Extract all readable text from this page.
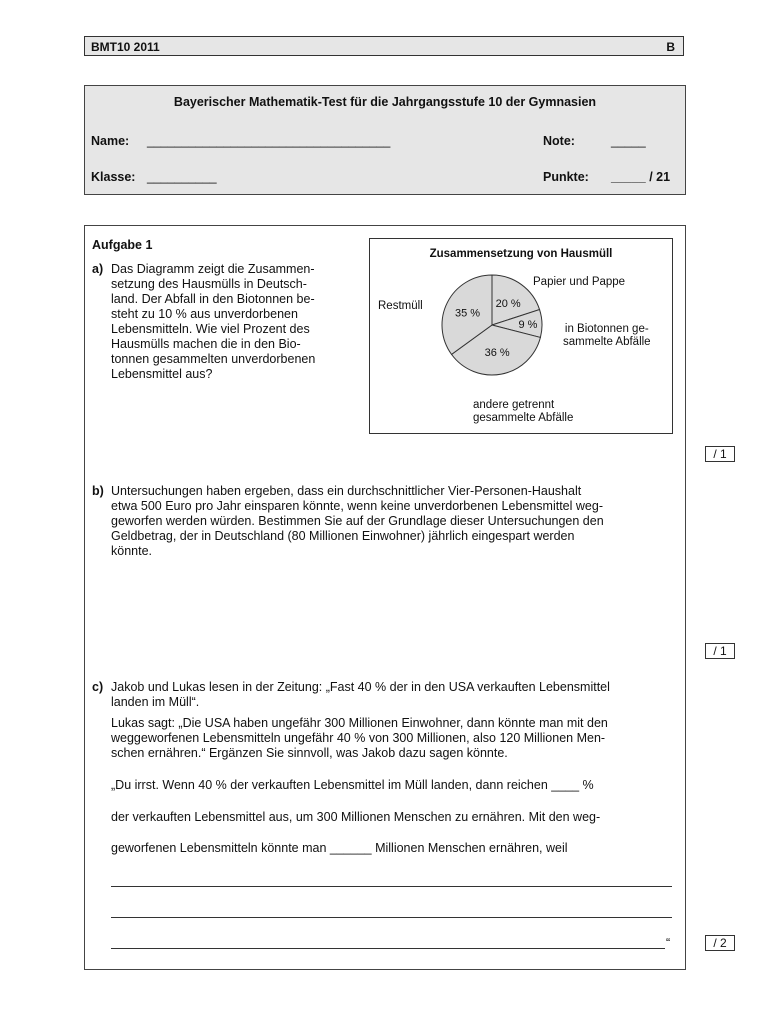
BMT10 2011	B
Bayerischer Mathematik-Test für die Jahrgangsstufe 10 der Gymnasien
Name: ___________________________________	Note:	_____
Klasse: __________	Punkte: _____ / 21
Aufgabe 1
a) Das Diagramm zeigt die Zusammen-
setzung des Hausmülls in Deutsch-
land. Der Abfall in den Biotonnen be-
steht zu 10 % aus unverdorbenen
Lebensmitteln. Wie viel Prozent des
Hausmülls machen die in den Bio-
tonnen gesammelten unverdorbenen
Lebensmittel aus?
Zusammensetzung von Hausmüll
20 %
9 %
36 %
35 %
Papier und Pappe
in Biotonnen ge-
sammelte Abfälle
andere getrennt
gesammelte Abfälle
Restmüll
/ 1
b) Untersuchungen haben ergeben, dass ein durchschnittlicher Vier-Personen-Haushalt
etwa 500 Euro pro Jahr einsparen könnte, wenn keine unverdorbenen Lebensmittel weg-
geworfen werden würden. Bestimmen Sie auf der Grundlage dieser Untersuchungen den
Geldbetrag, der in Deutschland (80 Millionen Einwohner) jährlich eingespart werden
könnte.
/ 1
c) Jakob und Lukas lesen in der Zeitung: „Fast 40 % der in den USA verkauften Lebensmittel
landen im Müll“.
Lukas sagt: „Die USA haben ungefähr 300 Millionen Einwohner, dann könnte man mit den
weggeworfenen Lebensmitteln ungefähr 40 % von 300 Millionen, also 120 Millionen Men-
schen ernähren.“ Ergänzen Sie sinnvoll, was Jakob dazu sagen könnte.
„Du irrst. Wenn 40 % der verkauften Lebensmittel im Müll landen, dann reichen ____ %
der verkauften Lebensmittel aus, um 300 Millionen Menschen zu ernähren. Mit den weg-
geworfenen Lebensmitteln könnte man ______ Millionen Menschen ernähren, weil
“	/ 2
